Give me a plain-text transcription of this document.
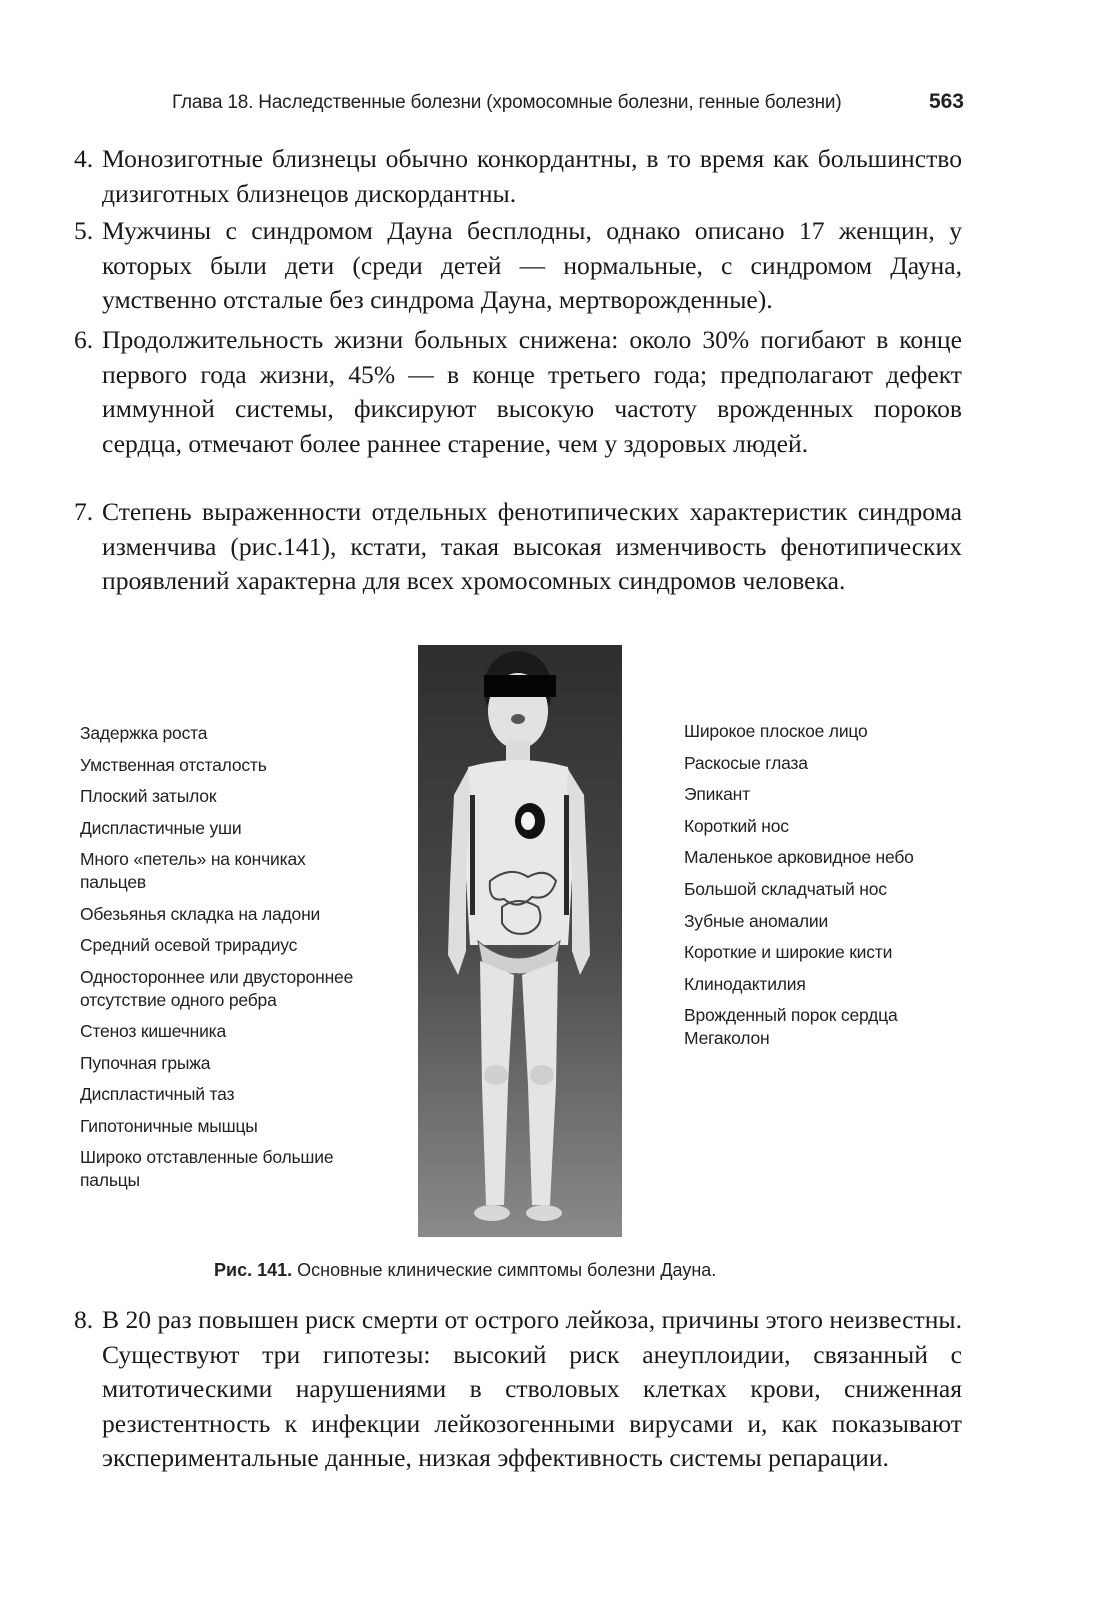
Глава 18. Наследственные болезни (хромосомные болезни, генные болезни)	563
4. Монозиготные близнецы обычно конкордантны, в то время как большинство дизиготных близнецов дискордантны.
5. Мужчины с синдромом Дауна бесплодны, однако описано 17 женщин, у которых были дети (среди детей — нормальные, с синдромом Дауна, умственно отсталые без синдрома Дауна, мертворожденные).
6. Продолжительность жизни больных снижена: около 30% погибают в конце первого года жизни, 45% — в конце третьего года; предполагают дефект иммунной системы, фиксируют высокую частоту врожденных пороков сердца, отмечают более раннее старение, чем у здоровых людей.
7. Степень выраженности отдельных фенотипических характеристик синдрома изменчива (рис.141), кстати, такая высокая изменчивость фенотипических проявлений характерна для всех хромосомных синдромов человека.
Задержка роста
Умственная отсталость
Плоский затылок
Диспластичные уши
Много «петель» на кончиках пальцев
Обезьянья складка на ладони
Средний осевой трирадиус
Одностороннее или двустороннее отсутствие одного ребра
Стеноз кишечника
Пупочная грыжа
Диспластичный таз
Гипотоничные мышцы
Широко отставленные большие пальцы
Широкое плоское лицо
Раскосые глаза
Эпикант
Короткий нос
Маленькое арковидное небо
Большой складчатый нос
Зубные аномалии
Короткие и широкие кисти
Клинодактилия
Врожденный порок сердца
Мегаколон
Рис. 141. Основные клинические симптомы болезни Дауна.
8. В 20 раз повышен риск смерти от острого лейкоза, причины этого неизвестны. Существуют три гипотезы: высокий риск анеуплоидии, связанный с митотическими нарушениями в стволовых клетках крови, сниженная резистентность к инфекции лейкозогенными вирусами и, как показывают экспериментальные данные, низкая эффективность системы репарации.
